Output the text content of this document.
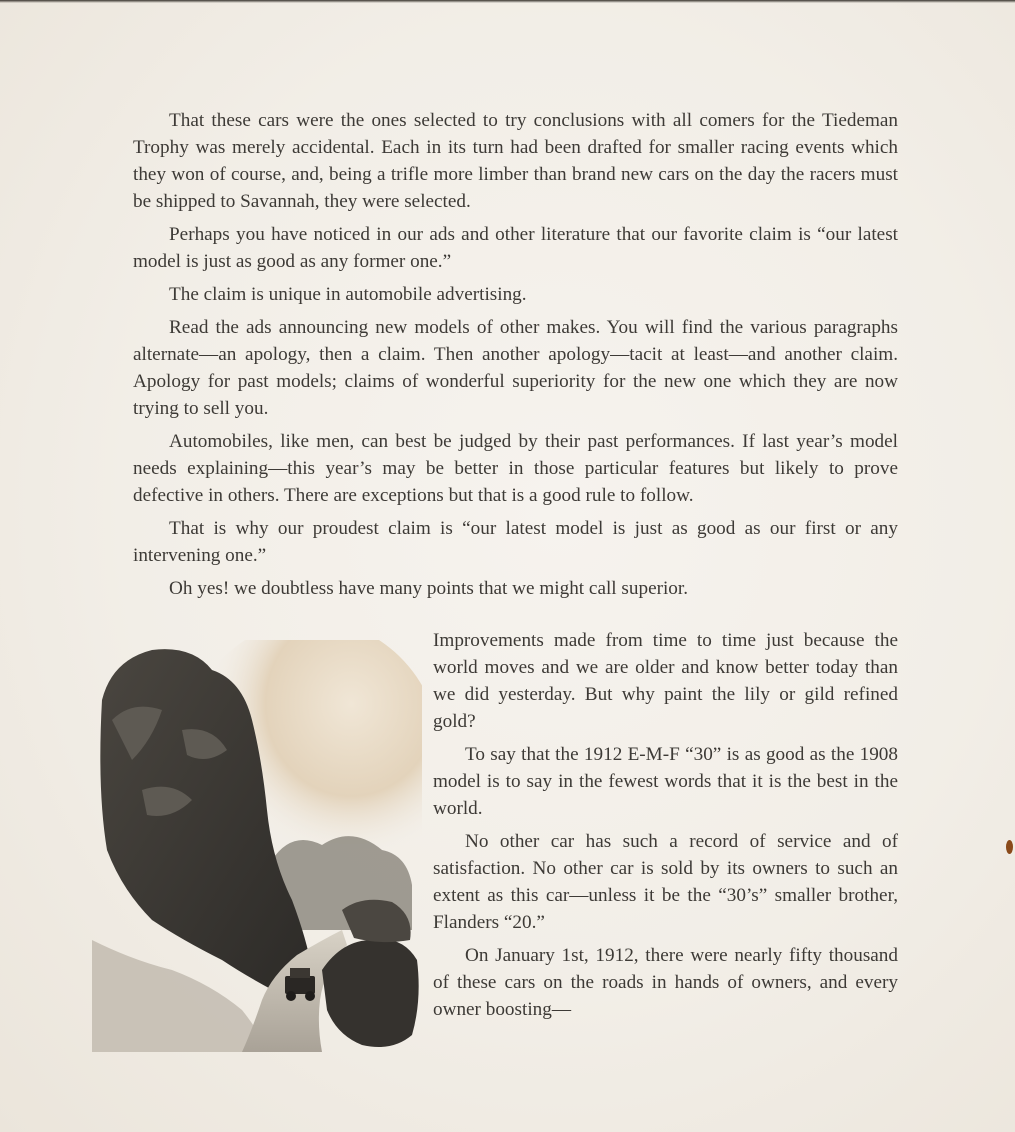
That these cars were the ones selected to try conclusions with all comers for the Tiedeman Trophy was merely accidental. Each in its turn had been drafted for smaller racing events which they won of course, and, being a trifle more limber than brand new cars on the day the racers must be shipped to Savannah, they were selected.

Perhaps you have noticed in our ads and other literature that our favorite claim is “our latest model is just as good as any former one.”

The claim is unique in automobile advertising.

Read the ads announcing new models of other makes. You will find the various paragraphs alternate—an apology, then a claim. Then another apology—tacit at least—and another claim. Apology for past models; claims of wonderful superiority for the new one which they are now trying to sell you.

Automobiles, like men, can best be judged by their past performances. If last year’s model needs explaining—this year’s may be better in those particular features but likely to prove defective in others. There are exceptions but that is a good rule to follow.

That is why our proudest claim is “our latest model is just as good as our first or any intervening one.”

Oh yes! we doubtless have many points that we might call superior.

Improvements made from time to time just because the world moves and we are older and know better today than we did yesterday. But why paint the lily or gild refined gold?

To say that the 1912 E-M-F “30” is as good as the 1908 model is to say in the fewest words that it is the best in the world.

No other car has such a record of service and of satisfaction. No other car is sold by its owners to such an extent as this car—unless it be the “30’s” smaller brother, Flanders “20.”

On January 1st, 1912, there were nearly fifty thousand of these cars on the roads in hands of owners, and every owner boosting—
